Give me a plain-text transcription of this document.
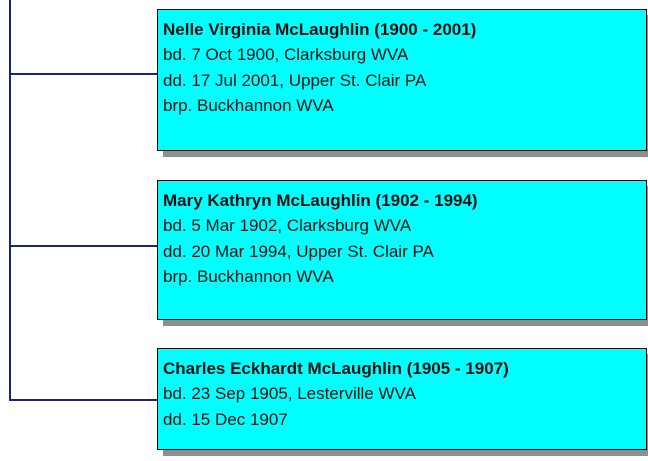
Nelle Virginia McLaughlin (1900 - 2001)
bd. 7 Oct 1900, Clarksburg WVA
dd. 17 Jul 2001, Upper St. Clair PA
brp. Buckhannon WVA
Mary Kathryn McLaughlin (1902 - 1994)
bd. 5 Mar 1902, Clarksburg WVA
dd. 20 Mar 1994, Upper St. Clair PA
brp. Buckhannon WVA
Charles Eckhardt McLaughlin (1905 - 1907)
bd. 23 Sep 1905, Lesterville WVA
dd. 15 Dec 1907
